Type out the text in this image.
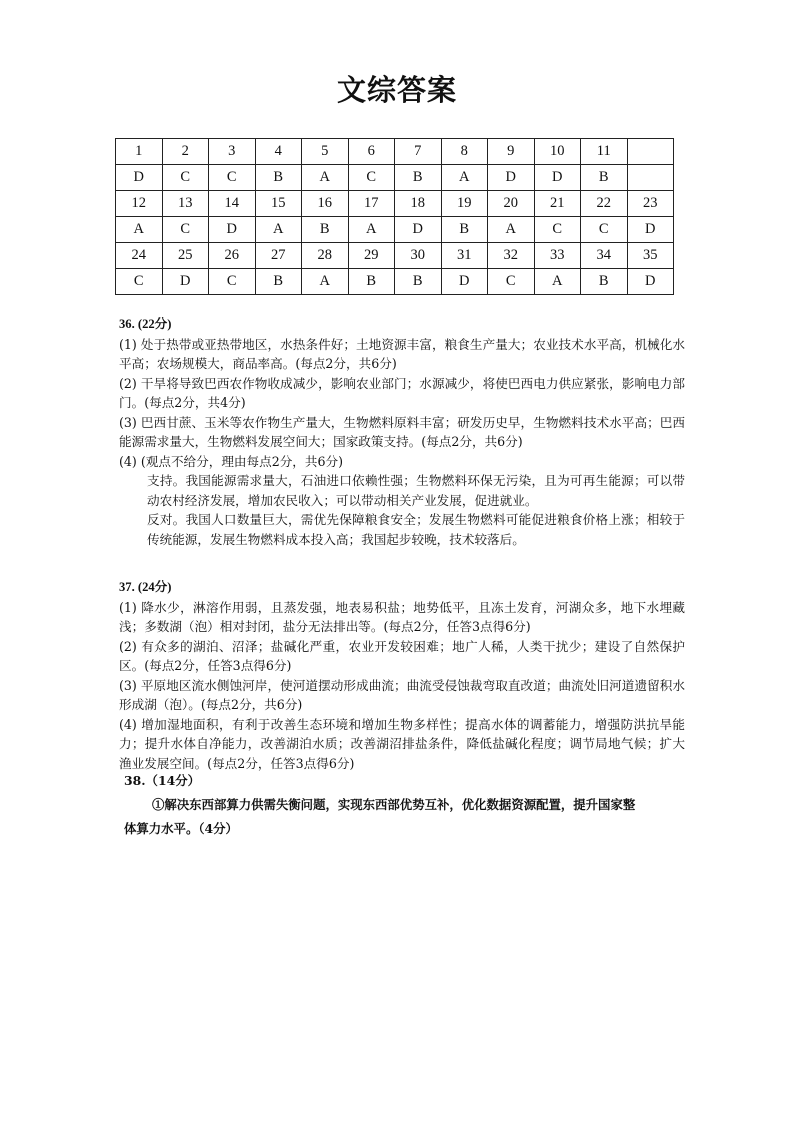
文综答案
1	2	3	4	5	6	7	8	9	10	11	
D	C	C	B	A	C	B	A	D	D	B	
12	13	14	15	16	17	18	19	20	21	22	23
A	C	D	A	B	A	D	B	A	C	C	D
24	25	26	27	28	29	30	31	32	33	34	35
C	D	C	B	A	B	B	D	C	A	B	D

36. (22分)

(1) 处于热带或亚热带地区，水热条件好；土地资源丰富，粮食生产量大；农业技术水平高，机械化水平高；农场规模大，商品率高。(每点2分，共6分)

(2) 干旱将导致巴西农作物收成减少，影响农业部门；水源减少，将使巴西电力供应紧张，影响电力部门。(每点2分，共4分)

(3) 巴西甘蔗、玉米等农作物生产量大，生物燃料原料丰富；研发历史早，生物燃料技术水平高；巴西能源需求量大，生物燃料发展空间大；国家政策支持。(每点2分，共6分)

(4) (观点不给分，理由每点2分，共6分)

支持。我国能源需求量大，石油进口依赖性强；生物燃料环保无污染，且为可再生能源；可以带动农村经济发展，增加农民收入；可以带动相关产业发展，促进就业。

反对。我国人口数量巨大，需优先保障粮食安全；发展生物燃料可能促进粮食价格上涨；相较于传统能源，发展生物燃料成本投入高；我国起步较晚，技术较落后。

37. (24分)

(1) 降水少，淋溶作用弱，且蒸发强，地表易积盐；地势低平，且冻土发育，河湖众多，地下水埋藏浅；多数湖（泡）相对封闭，盐分无法排出等。(每点2分，任答3点得6分)

(2) 有众多的湖泊、沼泽；盐碱化严重，农业开发较困难；地广人稀，人类干扰少；建设了自然保护区。(每点2分，任答3点得6分)

(3) 平原地区流水侧蚀河岸，使河道摆动形成曲流；曲流受侵蚀裁弯取直改道；曲流处旧河道遗留积水形成湖（泡）。(每点2分，共6分)

(4) 增加湿地面积，有利于改善生态环境和增加生物多样性；提高水体的调蓄能力，增强防洪抗旱能力；提升水体自净能力，改善湖泊水质；改善湖沼排盐条件，降低盐碱化程度；调节局地气候；扩大渔业发展空间。(每点2分，任答3点得6分)

38.（14分）

①解决东西部算力供需失衡问题，实现东西部优势互补，优化数据资源配置，提升国家整

体算力水平。（4分）
